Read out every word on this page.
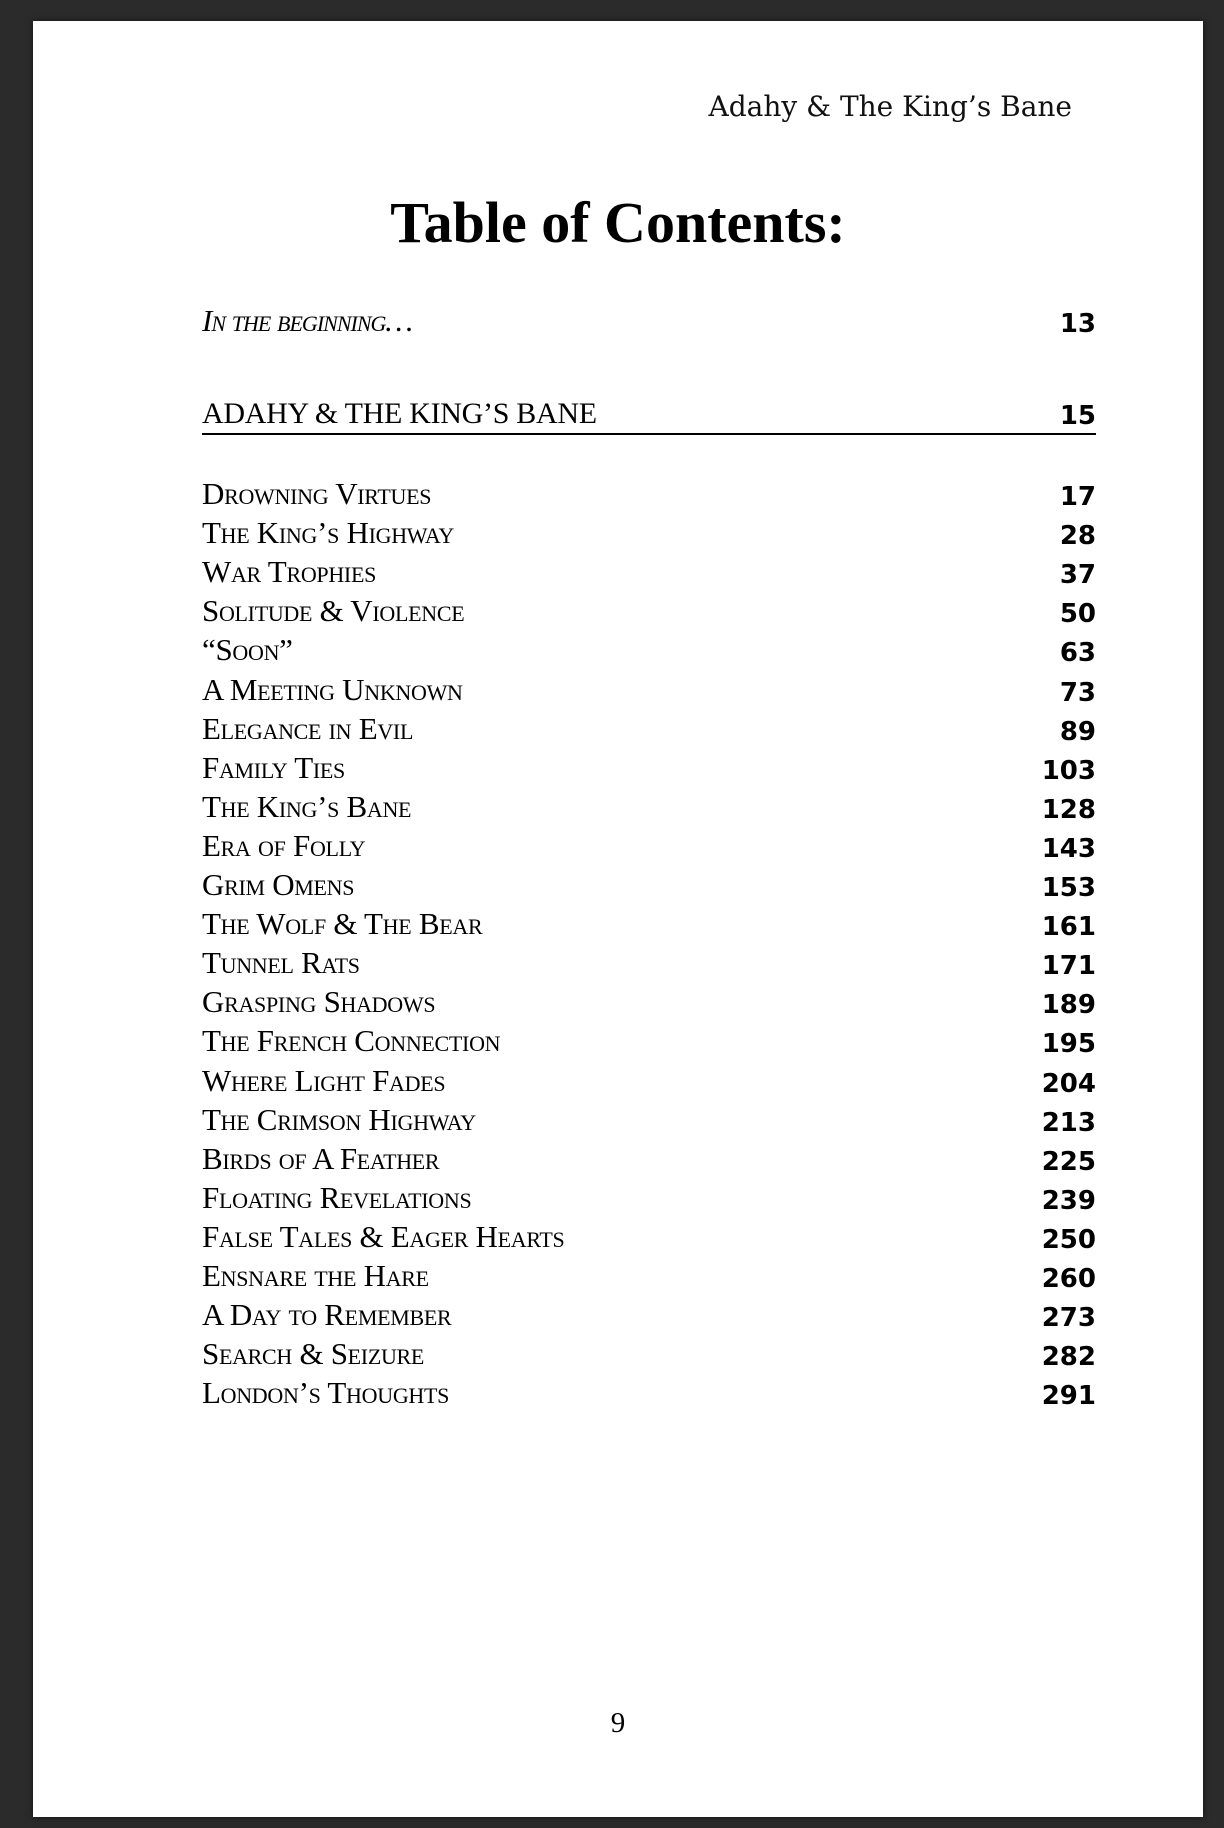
Adahy & The King’s Bane
Table of Contents:
In the beginning…	13
ADAHY & THE KING’S BANE	15
Drowning Virtues	17
The King’s Highway	28
War Trophies	37
Solitude & Violence	50
“Soon”	63
A Meeting Unknown	73
Elegance in Evil	89
Family Ties	103
The King’s Bane	128
Era of Folly	143
Grim Omens	153
The Wolf & The Bear	161
Tunnel Rats	171
Grasping Shadows	189
The French Connection	195
Where Light Fades	204
The Crimson Highway	213
Birds of A Feather	225
Floating Revelations	239
False Tales & Eager Hearts	250
Ensnare the Hare	260
A Day to Remember	273
Search & Seizure	282
London’s Thoughts	291
9
